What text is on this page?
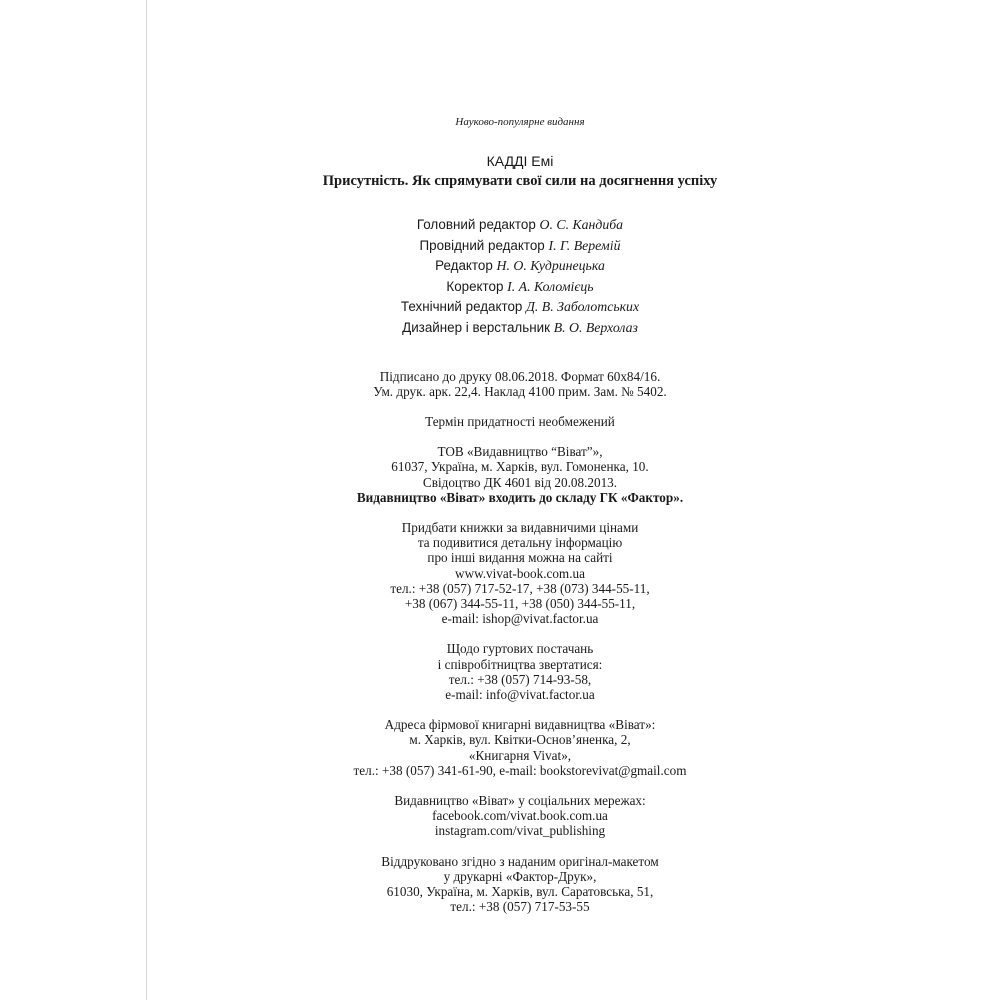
Науково-популярне видання
КАДДІ Емі
Присутність. Як спрямувати свої сили на досягнення успіху
Головний редактор О. С. Кандиба
Провідний редактор І. Г. Веремій
Редактор Н. О. Кудринецька
Коректор І. А. Коломієць
Технічний редактор Д. В. Заболотських
Дизайнер і верстальник В. О. Верхолаз
Підписано до друку 08.06.2018. Формат 60х84/16.
Ум. друк. арк. 22,4. Наклад 4100 прим. Зам. № 5402.
Термін придатності необмежений
ТОВ «Видавництво “Віват”»,
61037, Україна, м. Харків, вул. Гомоненка, 10.
Свідоцтво ДК 4601 від 20.08.2013.
Видавництво «Віват» входить до складу ГК «Фактор».
Придбати книжки за видавничими цінами
та подивитися детальну інформацію
про інші видання можна на сайті
www.vivat-book.com.ua
тел.: +38 (057) 717-52-17, +38 (073) 344-55-11,
+38 (067) 344-55-11, +38 (050) 344-55-11,
e-mail: ishop@vivat.factor.ua
Щодо гуртових постачань
і співробітництва звертатися:
тел.: +38 (057) 714-93-58,
e-mail: info@vivat.factor.ua
Адреса фірмової книгарні видавництва «Віват»:
м. Харків, вул. Квітки-Основ’яненка, 2,
«Книгарня Vivat»,
тел.: +38 (057) 341-61-90, e-mail: bookstorevivat@gmail.com
Видавництво «Віват» у соціальних мережах:
facebook.com/vivat.book.com.ua
instagram.com/vivat_publishing
Віддруковано згідно з наданим оригінал-макетом
у друкарні «Фактор-Друк»,
61030, Україна, м. Харків, вул. Саратовська, 51,
тел.: +38 (057) 717-53-55
